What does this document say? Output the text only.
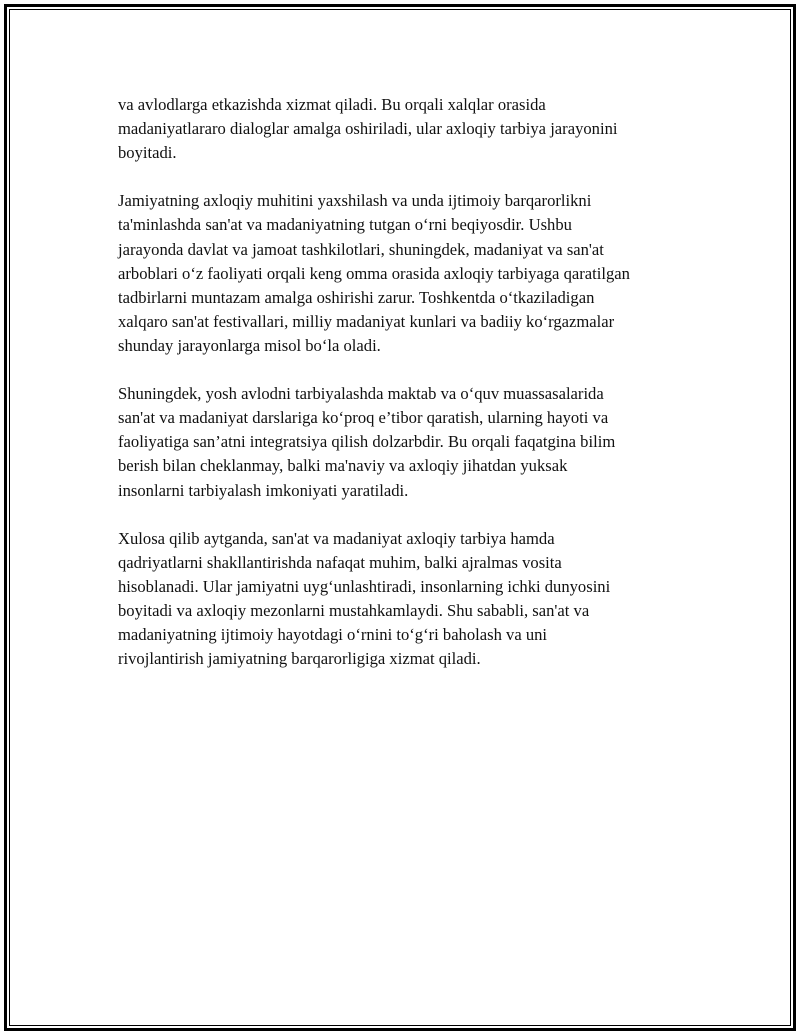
va avlodlarga etkazishda xizmat qiladi. Bu orqali xalqlar orasida
madaniyatlararo dialoglar amalga oshiriladi, ular axloqiy tarbiya jarayonini
boyitadi.

Jamiyatning axloqiy muhitini yaxshilash va unda ijtimoiy barqarorlikni
ta'minlashda san'at va madaniyatning tutgan o‘rni beqiyosdir. Ushbu
jarayonda davlat va jamoat tashkilotlari, shuningdek, madaniyat va san'at
arboblari o‘z faoliyati orqali keng omma orasida axloqiy tarbiyaga qaratilgan
tadbirlarni muntazam amalga oshirishi zarur. Toshkentda o‘tkaziladigan
xalqaro san'at festivallari, milliy madaniyat kunlari va badiiy ko‘rgazmalar
shunday jarayonlarga misol bo‘la oladi.

Shuningdek, yosh avlodni tarbiyalashda maktab va o‘quv muassasalarida
san'at va madaniyat darslariga ko‘proq e’tibor qaratish, ularning hayoti va
faoliyatiga san’atni integratsiya qilish dolzarbdir. Bu orqali faqatgina bilim
berish bilan cheklanmay, balki ma'naviy va axloqiy jihatdan yuksak
insonlarni tarbiyalash imkoniyati yaratiladi.

Xulosa qilib aytganda, san'at va madaniyat axloqiy tarbiya hamda
qadriyatlarni shakllantirishda nafaqat muhim, balki ajralmas vosita
hisoblanadi. Ular jamiyatni uyg‘unlashtiradi, insonlarning ichki dunyosini
boyitadi va axloqiy mezonlarni mustahkamlaydi. Shu sababli, san'at va
madaniyatning ijtimoiy hayotdagi o‘rnini to‘g‘ri baholash va uni
rivojlantirish jamiyatning barqarorligiga xizmat qiladi.
